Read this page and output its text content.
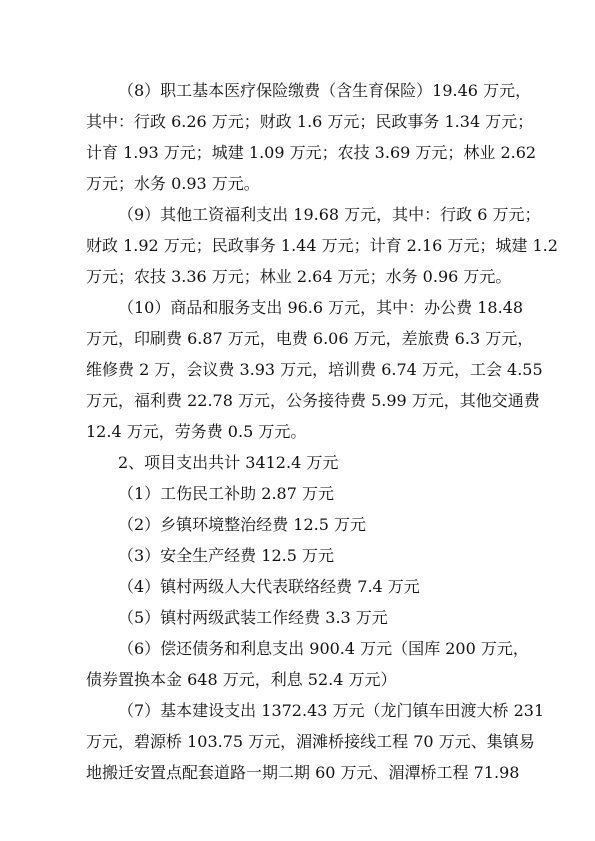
（8）职工基本医疗保险缴费（含生育保险）19.46 万元，
其中：行政 6.26 万元；财政 1.6 万元；民政事务 1.34 万元；
计育 1.93 万元；城建 1.09 万元；农技 3.69 万元；林业 2.62
万元；水务 0.93 万元。
（9）其他工资福利支出 19.68 万元，其中：行政 6 万元；
财政 1.92 万元；民政事务 1.44 万元；计育 2.16 万元；城建 1.2
万元；农技 3.36 万元；林业 2.64 万元；水务 0.96 万元。
（10）商品和服务支出 96.6 万元，其中：办公费 18.48
万元，印刷费 6.87 万元，电费 6.06 万元，差旅费 6.3 万元，
维修费 2 万，会议费 3.93 万元，培训费 6.74 万元，工会 4.55
万元，福利费 22.78 万元，公务接待费 5.99 万元，其他交通费
12.4 万元，劳务费 0.5 万元。
2、项目支出共计 3412.4 万元
（1）工伤民工补助 2.87 万元
（2）乡镇环境整治经费 12.5 万元
（3）安全生产经费 12.5 万元
（4）镇村两级人大代表联络经费 7.4 万元
（5）镇村两级武装工作经费 3.3 万元
（6）偿还债务和利息支出 900.4 万元（国库 200 万元，
债券置换本金 648 万元，利息 52.4 万元）
（7）基本建设支出 1372.43 万元（龙门镇车田渡大桥 231
万元，碧源桥 103.75 万元，湄滩桥接线工程 70 万元、集镇易
地搬迁安置点配套道路一期二期 60 万元、湄潭桥工程 71.98
